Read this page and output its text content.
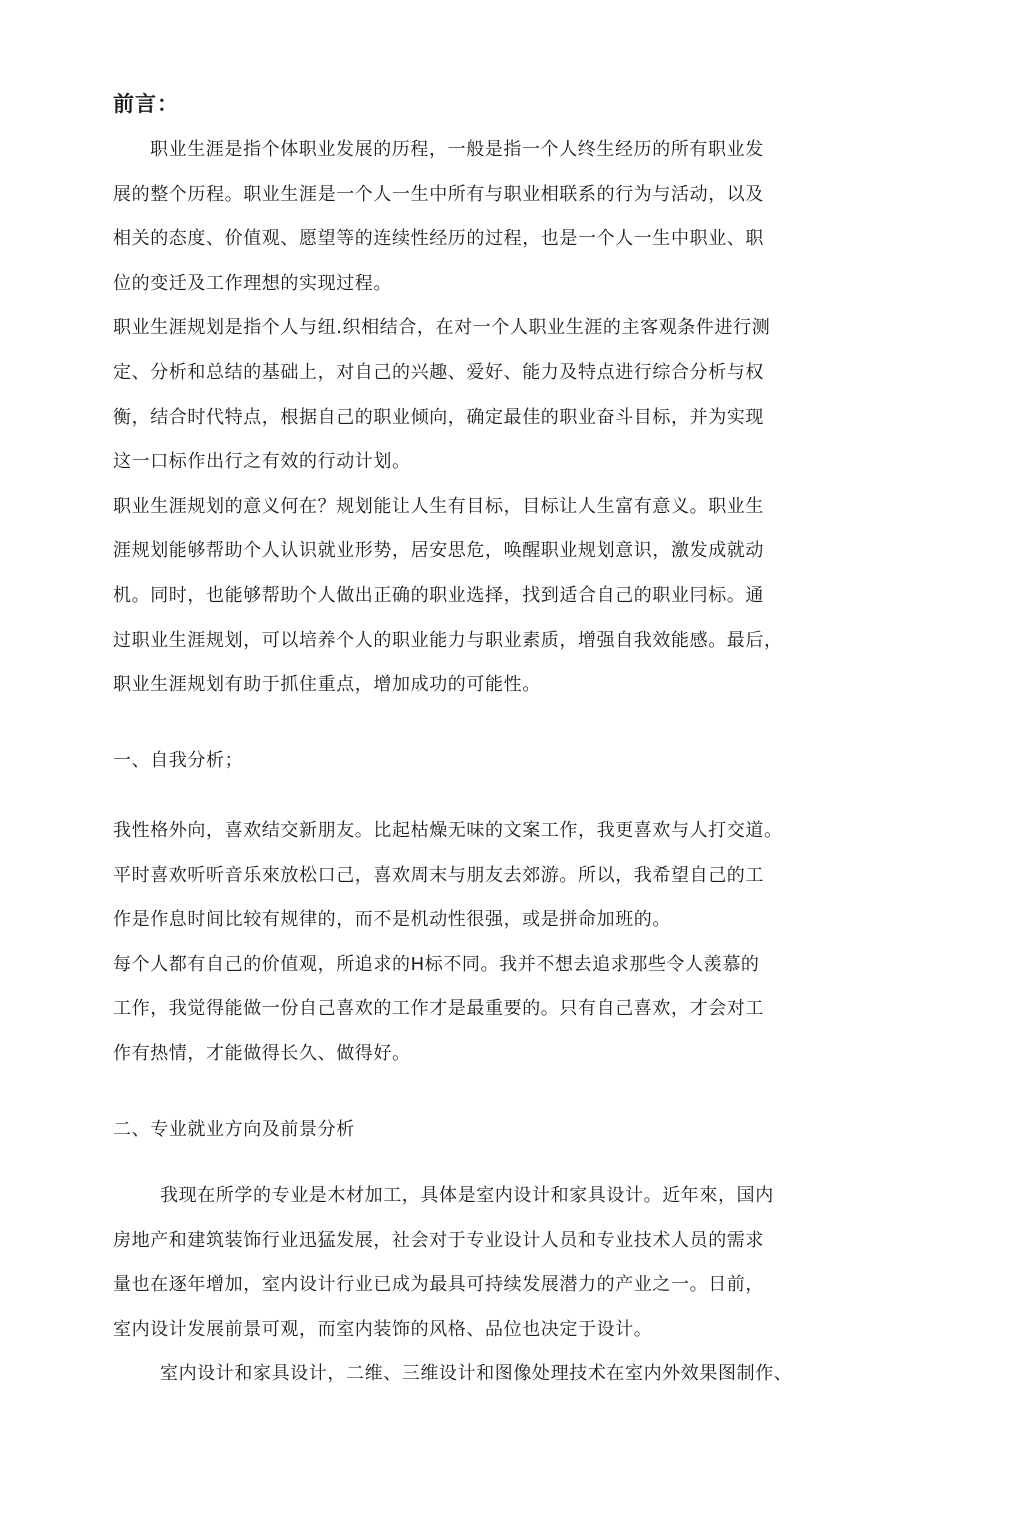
前言：
职业生涯是指个体职业发展的历程，一般是指一个人终生经历的所有职业发
展的整个历程。职业生涯是一个人一生中所有与职业相联系的行为与活动，以及
相关的态度、价值观、愿望等的连续性经历的过程，也是一个人一生中职业、职
位的变迁及工作理想的实现过程。
职业生涯规划是指个人与纽.织相结合，在对一个人职业生涯的主客观条件进行测
定、分析和总结的基础上，对自己的兴趣、爱好、能力及特点进行综合分析与权
衡，结合时代特点，根据自己的职业倾向，确定最佳的职业奋斗目标，并为实现
这一口标作出行之有效的行动计划。
职业生涯规划的意义何在？规划能让人生有目标，目标让人生富有意义。职业生
涯规划能够帮助个人认识就业形势，居安思危，唤醒职业规划意识，激发成就动
机。同时，也能够帮助个人做出正确的职业选择，找到适合自己的职业冃标。通
过职业生涯规划，可以培养个人的职业能力与职业素质，增强自我效能感。最后，
职业生涯规划有助于抓住重点，增加成功的可能性。
一、自我分析；
我性格外向，喜欢结交新朋友。比起枯燥无味的文案工作，我更喜欢与人打交道。
平时喜欢听听音乐來放松口己，喜欢周末与朋友去郊游。所以，我希望自己的工
作是作息时间比较有规律的，而不是机动性很强，或是拼命加班的。
每个人都有自己的价值观，所追求的H标不同。我并不想去追求那些令人羡慕的
工作，我觉得能做一份自己喜欢的工作才是最重要的。只有自己喜欢，才会对工
作有热情，才能做得长久、做得好。
二、专业就业方向及前景分析
我现在所学的专业是木材加工，具体是室内设计和家具设计。近年來，国内
房地产和建筑装饰行业迅猛发展，社会对于专业设计人员和专业技术人员的需求
量也在逐年增加，室内设计行业已成为最具可持续发展潜力的产业之一。日前，
室内设计发展前景可观，而室内装饰的风格、品位也决定于设计。
室内设计和家具设计，二维、三维设计和图像处理技术在室内外效果图制作、
